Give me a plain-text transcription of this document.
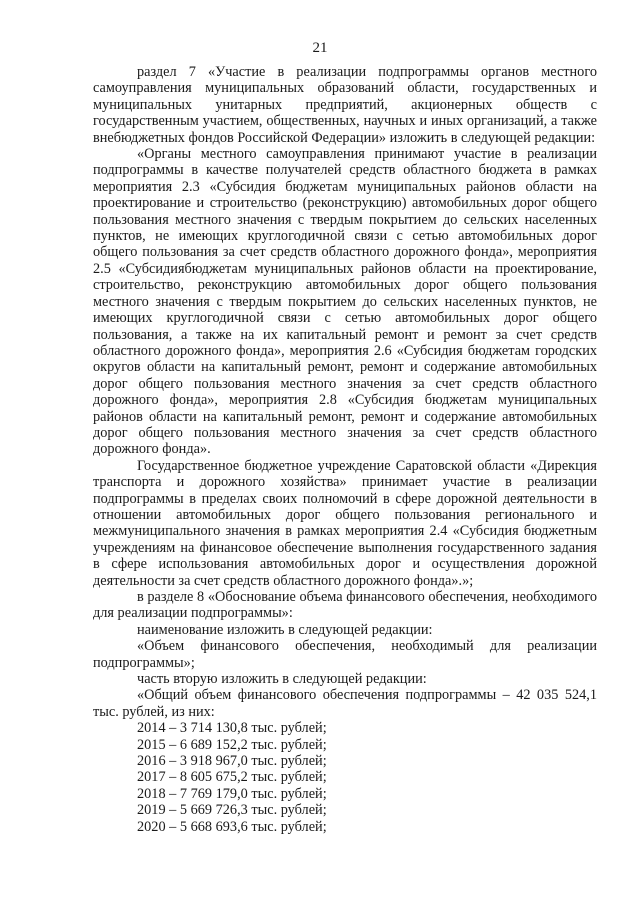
21

раздел 7 «Участие в реализации подпрограммы органов местного самоуправления муниципальных образований области, государственных и муниципальных унитарных предприятий, акционерных обществ с государственным участием, общественных, научных и иных организаций, а также внебюджетных фондов Российской Федерации» изложить в следующей редакции:

«Органы местного самоуправления принимают участие в реализации подпрограммы в качестве получателей средств областного бюджета в рамках мероприятия 2.3 «Субсидия бюджетам муниципальных районов области на проектирование и строительство (реконструкцию) автомобильных дорог общего пользования местного значения с твердым покрытием до сельских населенных пунктов, не имеющих круглогодичной связи с сетью автомобильных дорог общего пользования за счет средств областного дорожного фонда», мероприятия 2.5 «Субсидиябюджетам муниципальных районов области на проектирование, строительство, реконструкцию автомобильных дорог общего пользования местного значения с твердым покрытием до сельских населенных пунктов, не имеющих круглогодичной связи с сетью автомобильных дорог общего пользования, а также на их капитальный ремонт и ремонт за счет средств областного дорожного фонда», мероприятия 2.6 «Субсидия бюджетам городских округов области на капитальный ремонт, ремонт и содержание автомобильных дорог общего пользования местного значения за счет средств областного дорожного фонда», мероприятия 2.8 «Субсидия бюджетам муниципальных районов области на капитальный ремонт, ремонт и содержание автомобильных дорог общего пользования местного значения за счет средств областного дорожного фонда».

Государственное бюджетное учреждение Саратовской области «Дирекция транспорта и дорожного хозяйства» принимает участие в реализации подпрограммы в пределах своих полномочий в сфере дорожной деятельности в отношении автомобильных дорог общего пользования регионального и межмуниципального значения в рамках мероприятия 2.4 «Субсидия бюджетным учреждениям на финансовое обеспечение выполнения государственного задания в сфере использования автомобильных дорог и осуществления дорожной деятельности за счет средств областного дорожного фонда».»;

в разделе 8 «Обоснование объема финансового обеспечения, необходимого для реализации подпрограммы»:

наименование изложить в следующей редакции:

«Объем финансового обеспечения, необходимый для реализации подпрограммы»;

часть вторую изложить в следующей редакции:

«Общий объем финансового обеспечения подпрограммы – 42 035 524,1 тыс. рублей, из них:

2014 – 3 714 130,8 тыс. рублей;
2015 – 6 689 152,2 тыс. рублей;
2016 – 3 918 967,0 тыс. рублей;
2017 – 8 605 675,2 тыс. рублей;
2018 – 7 769 179,0 тыс. рублей;
2019 – 5 669 726,3 тыс. рублей;
2020 – 5 668 693,6 тыс. рублей;
